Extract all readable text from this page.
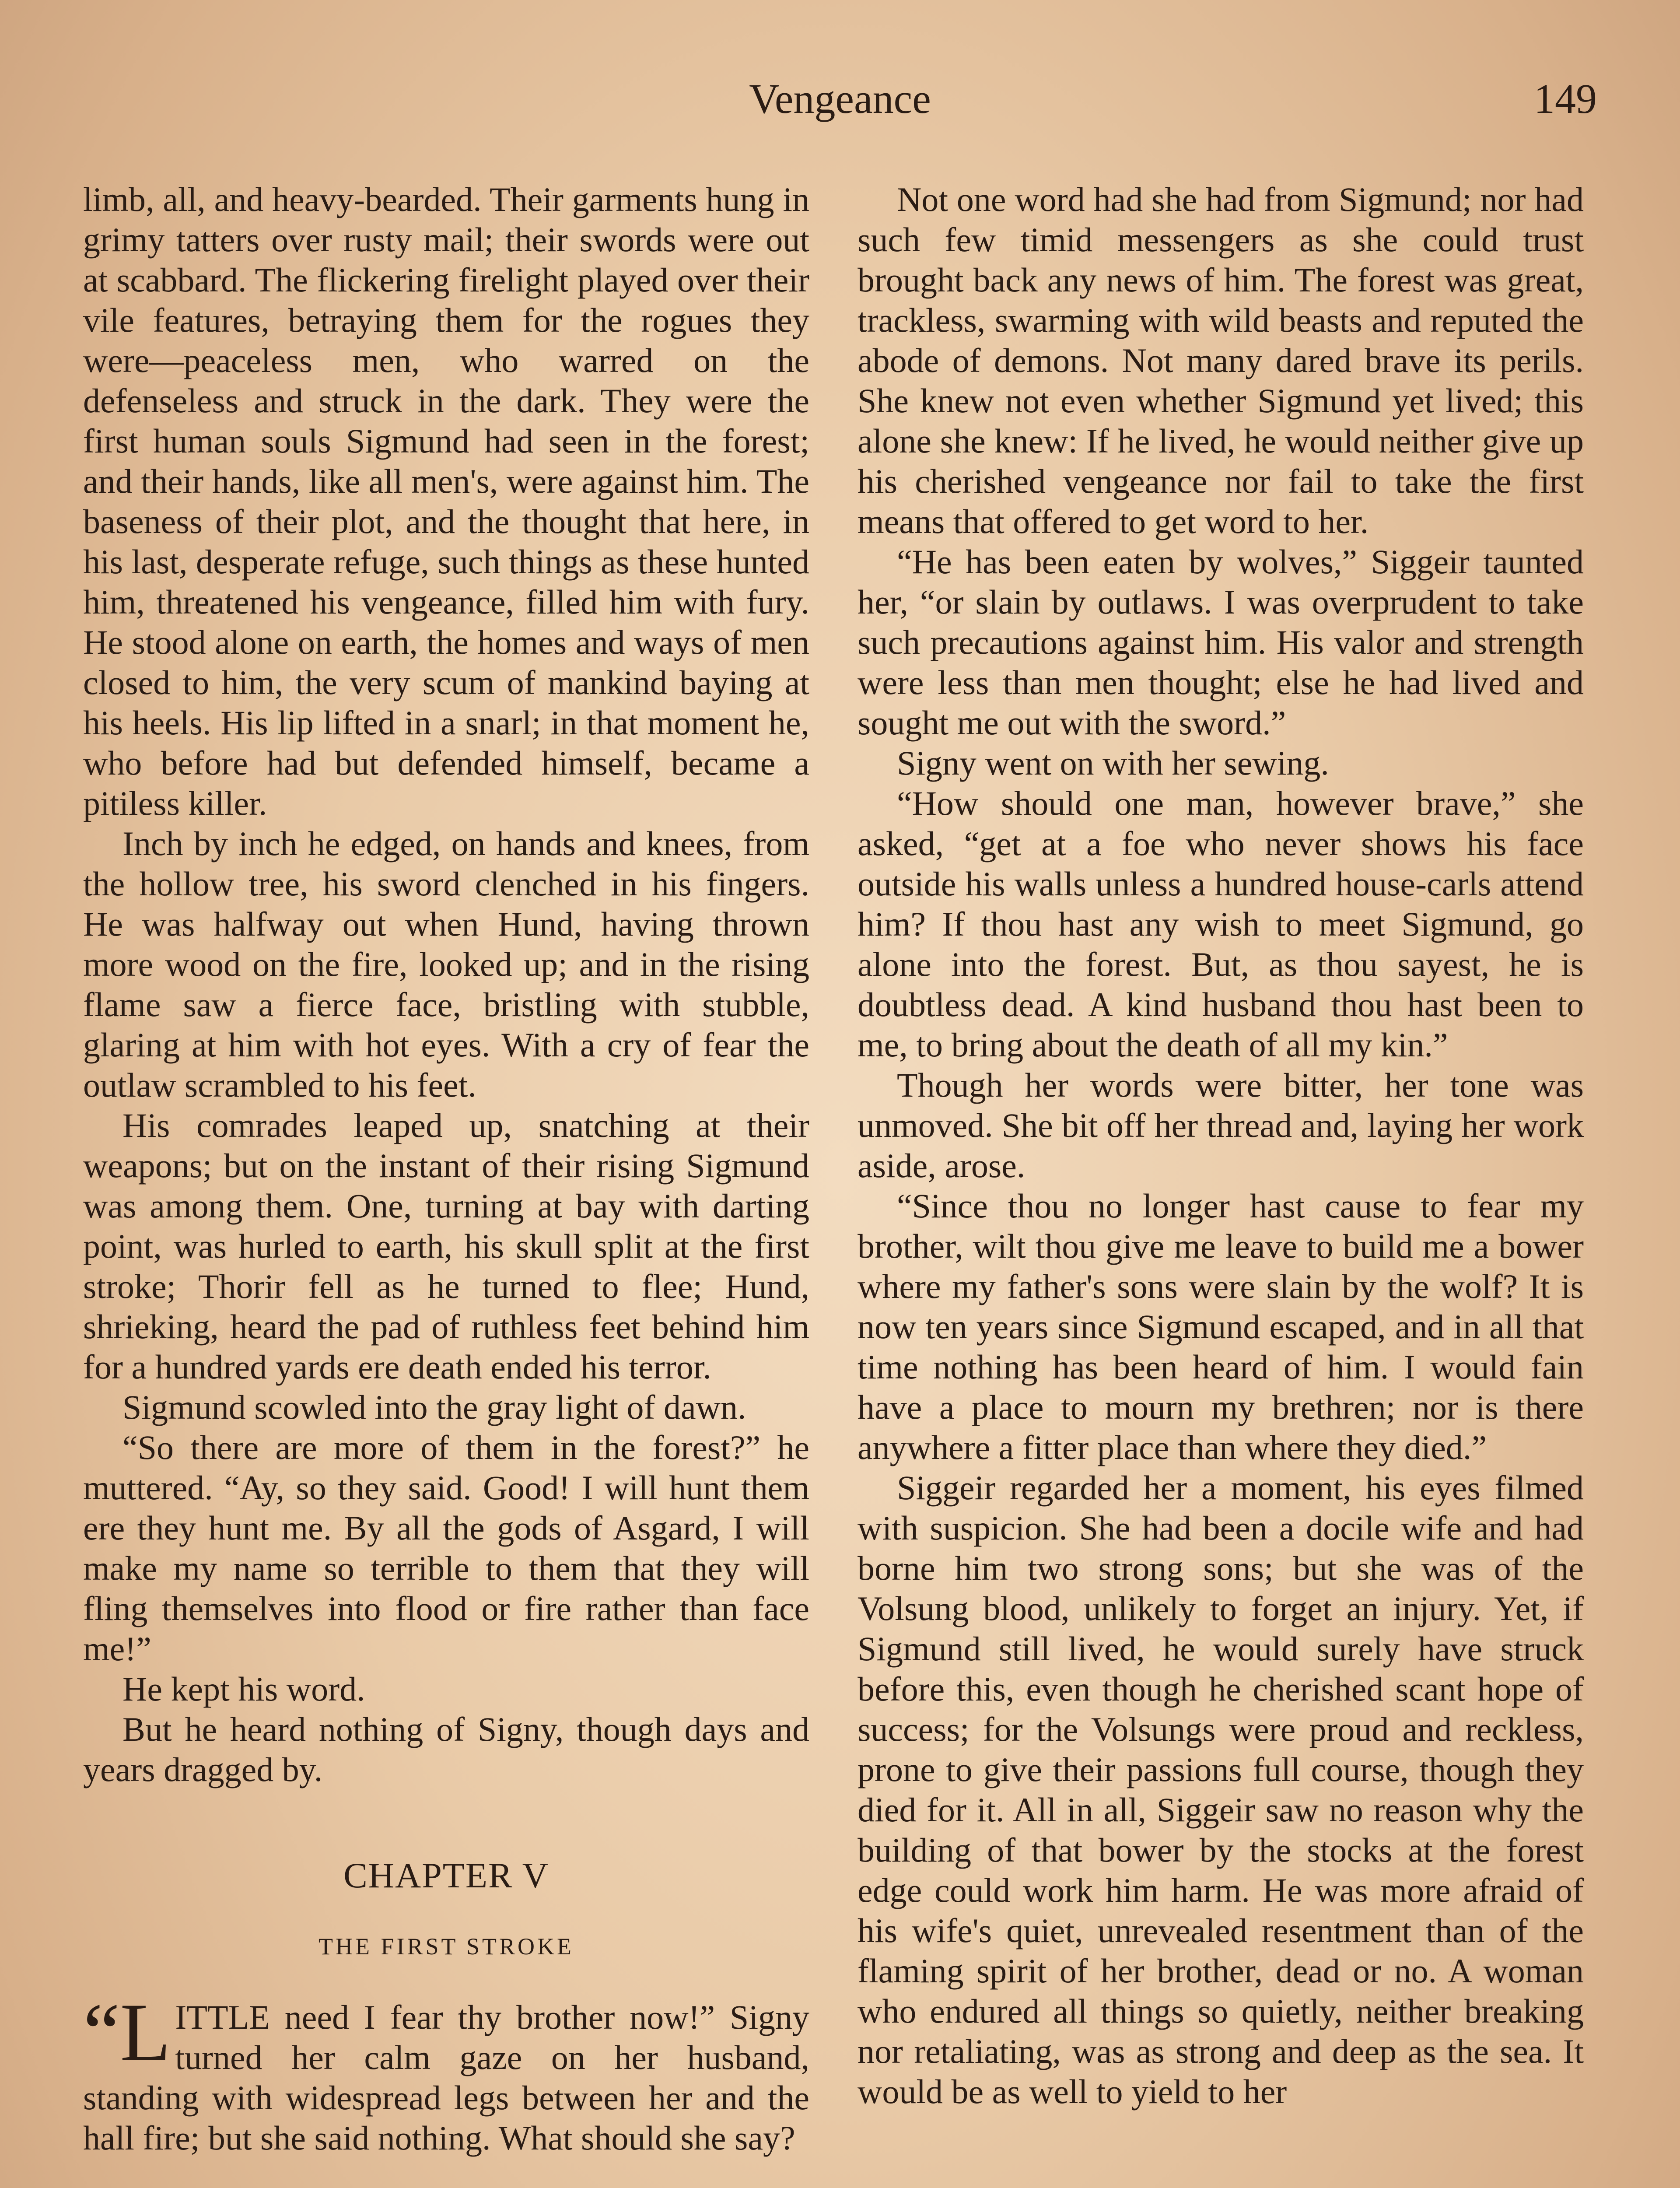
Vengeance	149

limb, all, and heavy-bearded. Their garments hung in grimy tatters over rusty mail; their swords were out at scabbard. The flickering firelight played over their vile features, betraying them for the rogues they were—peaceless men, who warred on the defenseless and struck in the dark. They were the first human souls Sigmund had seen in the forest; and their hands, like all men's, were against him. The baseness of their plot, and the thought that here, in his last, desperate refuge, such things as these hunted him, threatened his vengeance, filled him with fury. He stood alone on earth, the homes and ways of men closed to him, the very scum of mankind baying at his heels. His lip lifted in a snarl; in that moment he, who before had but defended himself, became a pitiless killer.

Inch by inch he edged, on hands and knees, from the hollow tree, his sword clenched in his fingers. He was halfway out when Hund, having thrown more wood on the fire, looked up; and in the rising flame saw a fierce face, bristling with stubble, glaring at him with hot eyes. With a cry of fear the outlaw scrambled to his feet.

His comrades leaped up, snatching at their weapons; but on the instant of their rising Sigmund was among them. One, turning at bay with darting point, was hurled to earth, his skull split at the first stroke; Thorir fell as he turned to flee; Hund, shrieking, heard the pad of ruthless feet behind him for a hundred yards ere death ended his terror.

Sigmund scowled into the gray light of dawn.

“So there are more of them in the forest?” he muttered. “Ay, so they said. Good! I will hunt them ere they hunt me. By all the gods of Asgard, I will make my name so terrible to them that they will fling themselves into flood or fire rather than face me!”

He kept his word.

But he heard nothing of Signy, though days and years dragged by.

CHAPTER V
THE FIRST STROKE

“LITTLE need I fear thy brother now!” Signy turned her calm gaze on her husband, standing with widespread legs between her and the hall fire; but she said nothing. What should she say?

Not one word had she had from Sigmund; nor had such few timid messengers as she could trust brought back any news of him. The forest was great, trackless, swarming with wild beasts and reputed the abode of demons. Not many dared brave its perils. She knew not even whether Sigmund yet lived; this alone she knew: If he lived, he would neither give up his cherished vengeance nor fail to take the first means that offered to get word to her.

“He has been eaten by wolves,” Siggeir taunted her, “or slain by outlaws. I was overprudent to take such precautions against him. His valor and strength were less than men thought; else he had lived and sought me out with the sword.”

Signy went on with her sewing.

“How should one man, however brave,” she asked, “get at a foe who never shows his face outside his walls unless a hundred house-carls attend him? If thou hast any wish to meet Sigmund, go alone into the forest. But, as thou sayest, he is doubtless dead. A kind husband thou hast been to me, to bring about the death of all my kin.”

Though her words were bitter, her tone was unmoved. She bit off her thread and, laying her work aside, arose.

“Since thou no longer hast cause to fear my brother, wilt thou give me leave to build me a bower where my father's sons were slain by the wolf? It is now ten years since Sigmund escaped, and in all that time nothing has been heard of him. I would fain have a place to mourn my brethren; nor is there anywhere a fitter place than where they died.”

Siggeir regarded her a moment, his eyes filmed with suspicion. She had been a docile wife and had borne him two strong sons; but she was of the Volsung blood, unlikely to forget an injury. Yet, if Sigmund still lived, he would surely have struck before this, even though he cherished scant hope of success; for the Volsungs were proud and reckless, prone to give their passions full course, though they died for it. All in all, Siggeir saw no reason why the building of that bower by the stocks at the forest edge could work him harm. He was more afraid of his wife's quiet, unrevealed resentment than of the flaming spirit of her brother, dead or no. A woman who endured all things so quietly, neither breaking nor retaliating, was as strong and deep as the sea. It would be as well to yield to her
